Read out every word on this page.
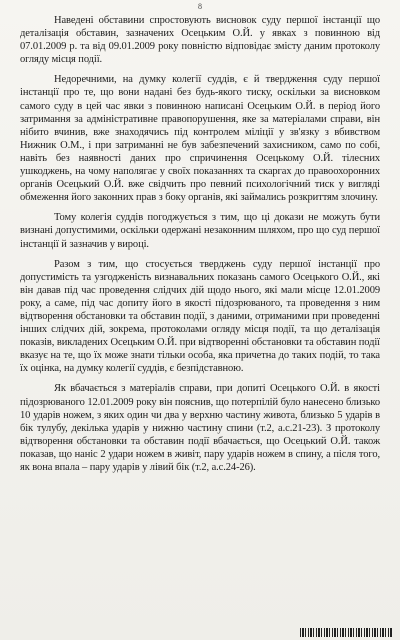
8

Наведені обставини спростовують висновок суду першої інстанції що деталізація обставин, зазначених Осецьким О.Й. у явках з повинною від 07.01.2009 р. та від 09.01.2009 року повністю відповідає змісту даним протоколу огляду місця події.

Недоречними, на думку колегії суддів, є й твердження суду першої інстанції про те, що вони надані без будь-якого тиску, оскільки за висновком самого суду в цей час явки з повинною написані Осецьким О.Й. в період його затримання за адміністративне правопорушення, яке за матеріалами справи, він нібито вчинив, вже знаходячись під контролем міліції у зв'язку з вбивством Нижник О.М., і при затриманні не був забезпечений захисником, само по собі, навіть без наявності даних про спричинення Осецькому О.Й. тілесних ушкоджень, на чому наполягає у своїх показаннях та скаргах до правоохоронних органів Осецький О.Й. вже свідчить про певний психологічний тиск у вигляді обмеження його законних прав з боку органів, які займались розкриттям злочину.

Тому колегія суддів погоджується з тим, що ці докази не можуть бути визнані допустимими, оскільки одержані незаконним шляхом, про що суд першої інстанції й зазначив у вироці.

Разом з тим, що стосується тверджень суду першої інстанції про допустимість та узгодженість визнавальних показань самого Осецького О.Й., які він давав під час проведення слідчих дій щодо нього, які мали місце 12.01.2009 року, а саме, під час допиту його в якості підозрюваного, та проведення з ним відтворення обстановки та обставин події, з даними, отриманими при проведенні інших слідчих дій, зокрема, протоколами огляду місця події, та що деталізація показів, викладених Осецьким О.Й. при відтворенні обстановки та обставин події вказує на те, що їх може знати тільки особа, яка причетна до таких подій, то така їх оцінка, на думку колегії суддів, є безпідставною.

Як вбачається з матеріалів справи, при допиті Осецького О.Й. в якості підозрюваного 12.01.2009 року він пояснив, що потерпілій було нанесено близько 10 ударів ножем, з яких один чи два у верхню частину живота, близько 5 ударів в бік тулубу, декілька ударів у нижню частину спини (т.2, а.с.21-23). З протоколу відтворення обстановки та обставин події вбачається, що Осецький О.Й. також показав, що наніс 2 удари ножем в живіт, пару ударів ножем в спину, а після того, як вона впала – пару ударів у лівий бік (т.2, а.с.24-26).
